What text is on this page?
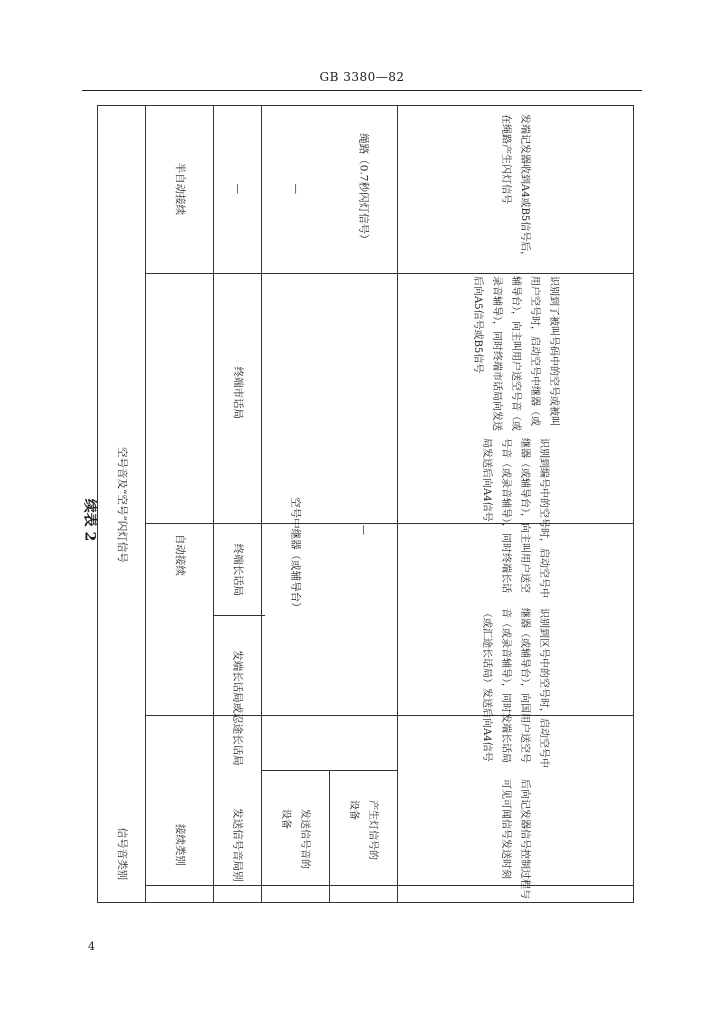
GB 3380—82
续表 2
信号音类别
空号音及“空号”闪灯信号
接续类别
自动接续
半自动接续
发送信号音局别
发端长话局或忍途长话局
终端长话局
终端市话局
—
发送信号音的设备
空号中继器（或辅导台）
—
产生灯信号的设备
—
绳路（0.7秒闪灯信号）
后向记发器信号控制过程与可见可闻信号发送时刻
识别到区号中的空号时，启动空号中继器（或辅导台），向国用户送空号音（或录音辅导），同时发端长话局（或汇途长话局）发送后向A4信号
识别到编号中的空号时，启动空号中继器（或辅导台），向主叫用户送空号音（或录音辅导），同时终端长话局发送后向A4信号
识别到了被叫号码中的空号或被叫用户空号时，启动空号中继器（或辅导台），向主叫用户送空号音（或录音辅导），同时终端市话局向发送后向A5信号或B5信号
发端记发器收到A4或B5信号后，在绳路产生闪灯信号
4
